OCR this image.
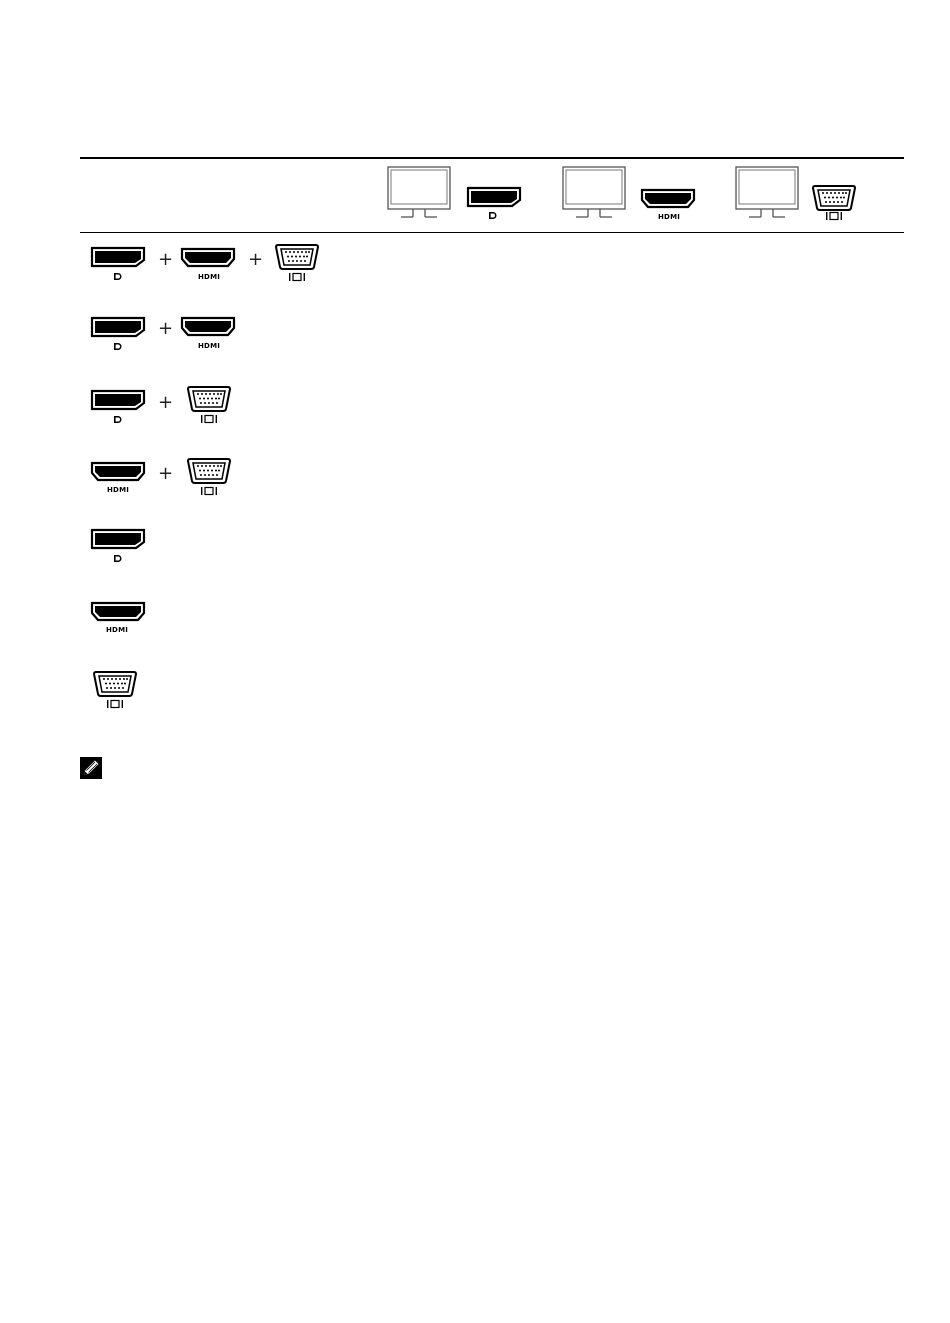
HDMI
+
HDMI
+
+
HDMI
+
HDMI
+
HDMI
